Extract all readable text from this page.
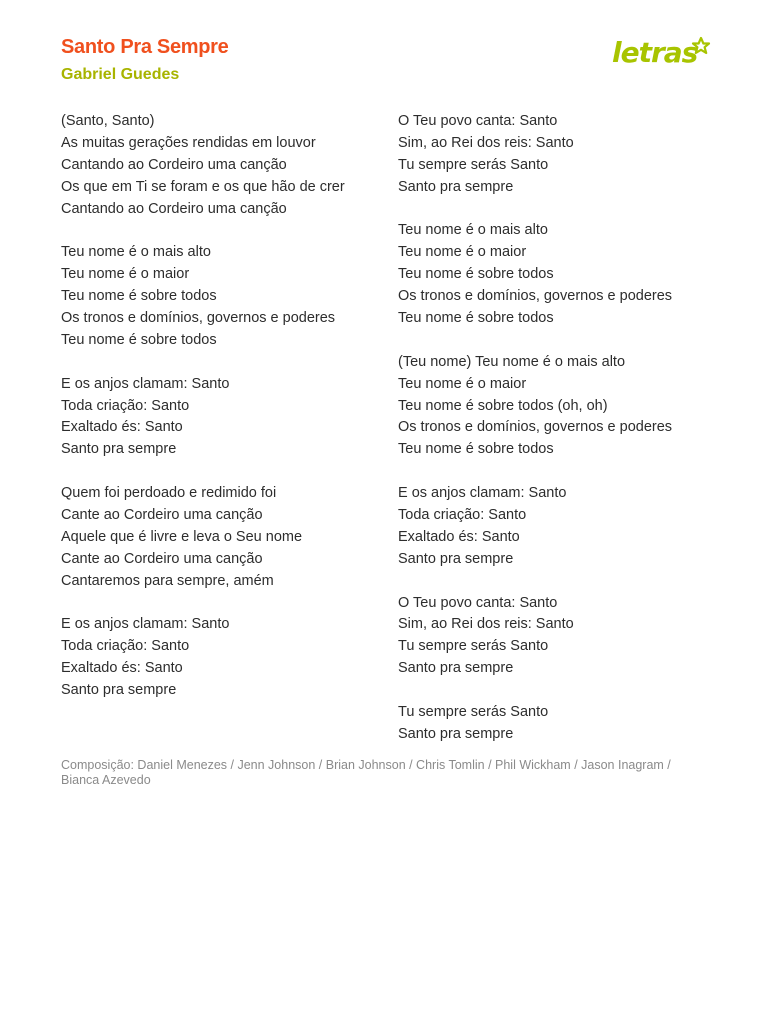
Santo Pra Sempre
Gabriel Guedes
letras
(Santo, Santo)
As muitas gerações rendidas em louvor
Cantando ao Cordeiro uma canção
Os que em Ti se foram e os que hão de crer
Cantando ao Cordeiro uma canção
Teu nome é o mais alto
Teu nome é o maior
Teu nome é sobre todos
Os tronos e domínios, governos e poderes
Teu nome é sobre todos
E os anjos clamam: Santo
Toda criação: Santo
Exaltado és: Santo
Santo pra sempre
Quem foi perdoado e redimido foi
Cante ao Cordeiro uma canção
Aquele que é livre e leva o Seu nome
Cante ao Cordeiro uma canção
Cantaremos para sempre, amém
E os anjos clamam: Santo
Toda criação: Santo
Exaltado és: Santo
Santo pra sempre
O Teu povo canta: Santo
Sim, ao Rei dos reis: Santo
Tu sempre serás Santo
Santo pra sempre
Teu nome é o mais alto
Teu nome é o maior
Teu nome é sobre todos
Os tronos e domínios, governos e poderes
Teu nome é sobre todos
(Teu nome) Teu nome é o mais alto
Teu nome é o maior
Teu nome é sobre todos (oh, oh)
Os tronos e domínios, governos e poderes
Teu nome é sobre todos
E os anjos clamam: Santo
Toda criação: Santo
Exaltado és: Santo
Santo pra sempre
O Teu povo canta: Santo
Sim, ao Rei dos reis: Santo
Tu sempre serás Santo
Santo pra sempre
Tu sempre serás Santo
Santo pra sempre
Composição: Daniel Menezes / Jenn Johnson / Brian Johnson / Chris Tomlin / Phil Wickham / Jason Inagram / Bianca Azevedo
